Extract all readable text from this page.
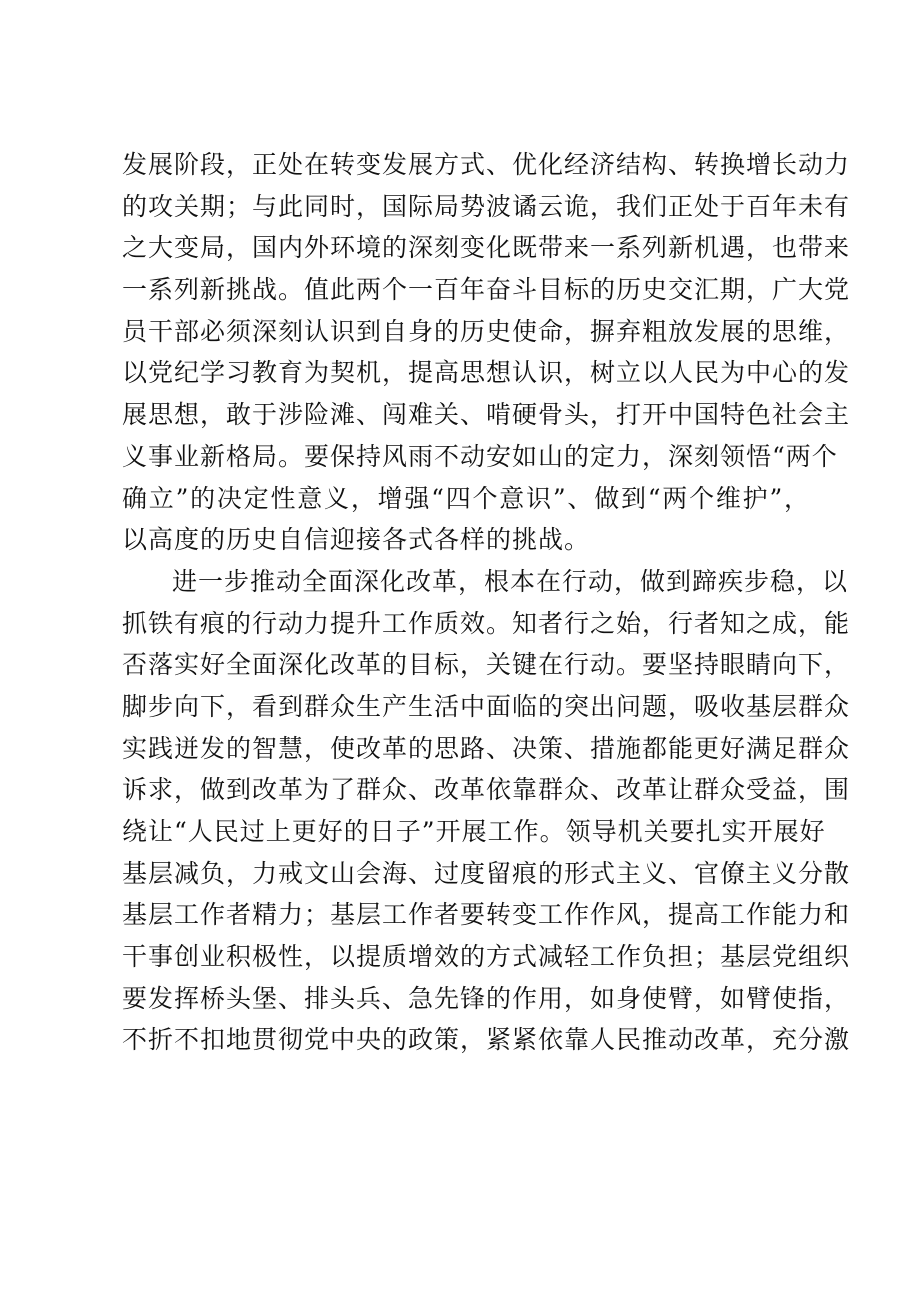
发展阶段，正处在转变发展方式、优化经济结构、转换增长动力
的攻关期；与此同时，国际局势波谲云诡，我们正处于百年未有
之大变局，国内外环境的深刻变化既带来一系列新机遇，也带来
一系列新挑战。值此两个一百年奋斗目标的历史交汇期，广大党
员干部必须深刻认识到自身的历史使命，摒弃粗放发展的思维，
以党纪学习教育为契机，提高思想认识，树立以人民为中心的发
展思想，敢于涉险滩、闯难关、啃硬骨头，打开中国特色社会主
义事业新格局。要保持风雨不动安如山的定力，深刻领悟“两个
确立”的决定性意义，增强“四个意识”、做到“两个维护”，
以高度的历史自信迎接各式各样的挑战。
进一步推动全面深化改革，根本在行动，做到蹄疾步稳，以
抓铁有痕的行动力提升工作质效。知者行之始，行者知之成，能
否落实好全面深化改革的目标，关键在行动。要坚持眼睛向下，
脚步向下，看到群众生产生活中面临的突出问题，吸收基层群众
实践迸发的智慧，使改革的思路、决策、措施都能更好满足群众
诉求，做到改革为了群众、改革依靠群众、改革让群众受益，围
绕让“人民过上更好的日子”开展工作。领导机关要扎实开展好
基层减负，力戒文山会海、过度留痕的形式主义、官僚主义分散
基层工作者精力；基层工作者要转变工作作风，提高工作能力和
干事创业积极性，以提质增效的方式减轻工作负担；基层党组织
要发挥桥头堡、排头兵、急先锋的作用，如身使臂，如臂使指，
不折不扣地贯彻党中央的政策，紧紧依靠人民推动改革，充分激
